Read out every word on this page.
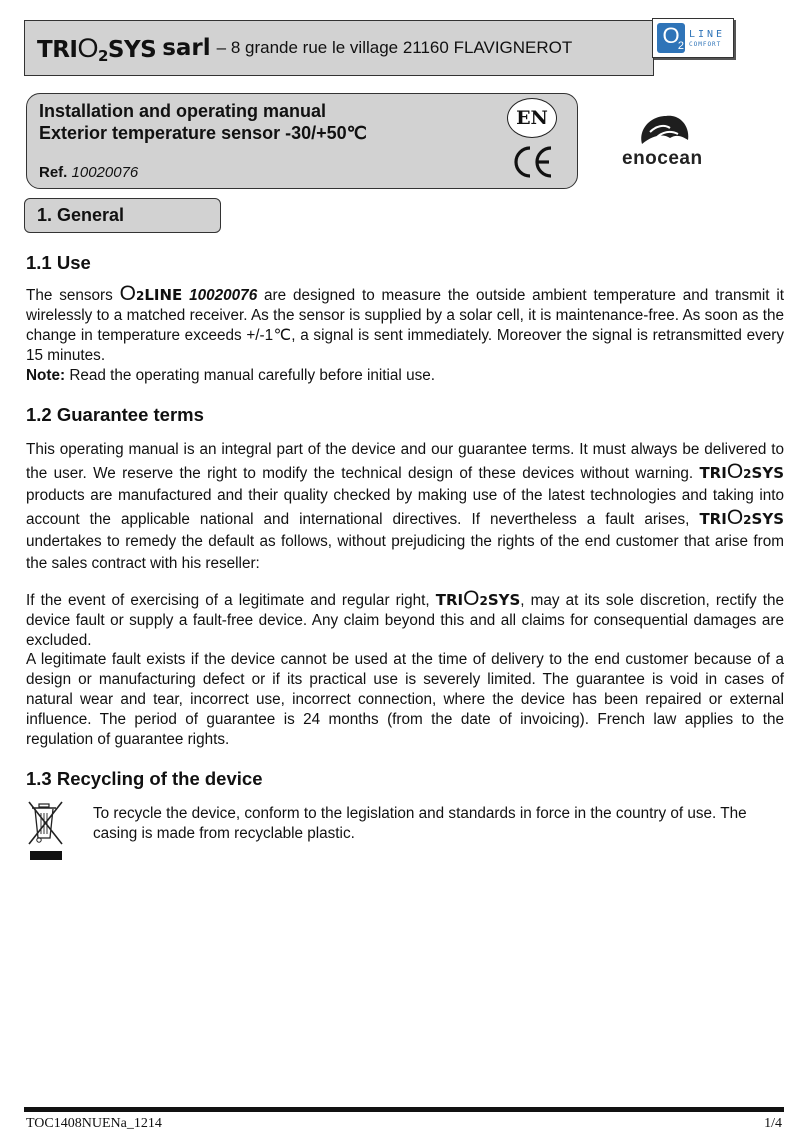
TRIO2SYS sarl – 8 grande rue le village 21160 FLAVIGNEROT	O
2
LINE
COMFORT
Installation and operating manual
Exterior temperature sensor -30/+50℃
Ref. 10020076
EN
enocean
1. General
1.1 Use
The sensors O2LINE 10020076 are designed to measure the outside ambient temperature and transmit it wirelessly to a matched receiver. As the sensor is supplied by a solar cell, it is maintenance-free. As soon as the change in temperature exceeds +/-1℃, a signal is sent immediately. Moreover the signal is retransmitted every 15 minutes.
Note: Read the operating manual carefully before initial use.
1.2 Guarantee terms
This operating manual is an integral part of the device and our guarantee terms. It must always be delivered to the user. We reserve the right to modify the technical design of these devices without warning. TRIO2SYS products are manufactured and their quality checked by making use of the latest technologies and taking into account the applicable national and international directives. If nevertheless a fault arises, TRIO2SYS undertakes to remedy the default as follows, without prejudicing the rights of the end customer that arise from the sales contract with his reseller:
If the event of exercising of a legitimate and regular right, TRIO2SYS, may at its sole discretion, rectify the device fault or supply a fault-free device. Any claim beyond this and all claims for consequential damages are excluded.
A legitimate fault exists if the device cannot be used at the time of delivery to the end customer because of a design or manufacturing defect or if its practical use is severely limited. The guarantee is void in cases of natural wear and tear, incorrect use, incorrect connection, where the device has been repaired or external influence. The period of guarantee is 24 months (from the date of invoicing). French law applies to the regulation of guarantee rights.
1.3 Recycling of the device
To recycle the device, conform to the legislation and standards in force in the country of use. The casing is made from recyclable plastic.
TOC1408NUENa_1214	1/4
